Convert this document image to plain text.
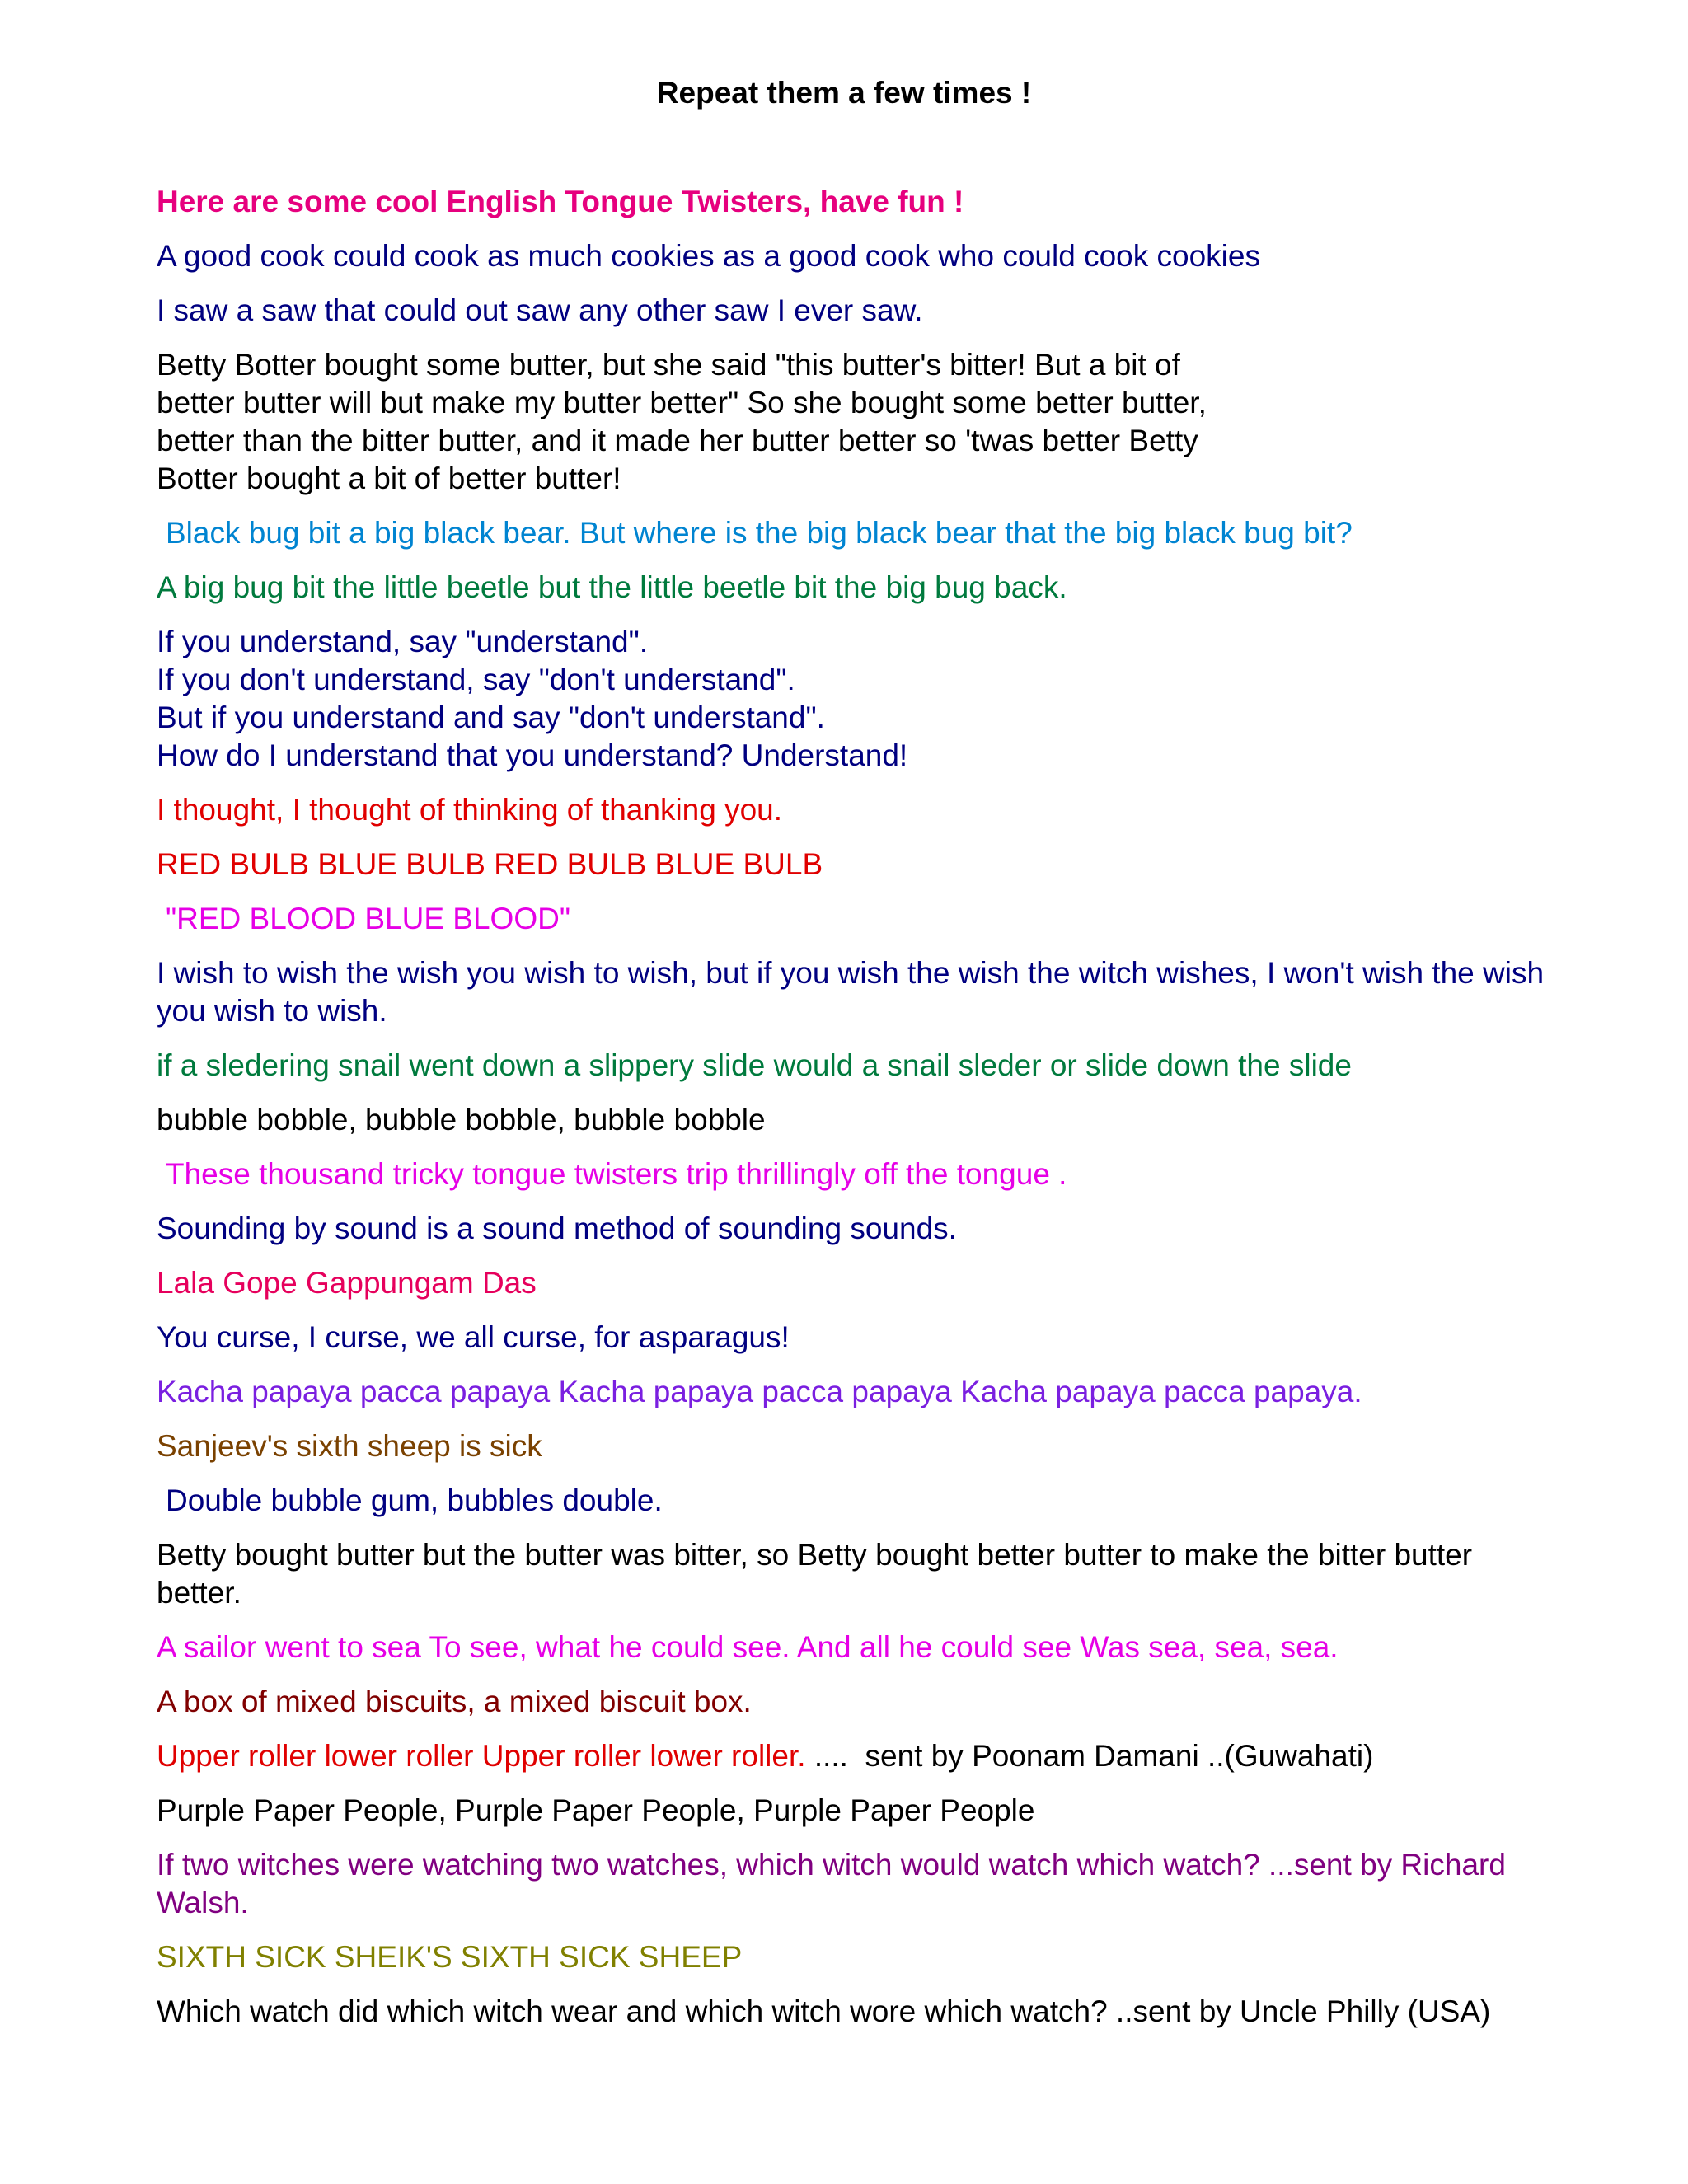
Repeat them a few times !

Here are some cool English Tongue Twisters, have fun !

A good cook could cook as much cookies as a good cook who could cook cookies

I saw a saw that could out saw any other saw I ever saw.

Betty Botter bought some butter, but she said "this butter's bitter! But a bit of better butter will but make my butter better" So she bought some better butter, better than the bitter butter, and it made her butter better so 'twas better Betty Botter bought a bit of better butter!

Black bug bit a big black bear. But where is the big black bear that the big black bug bit?

A big bug bit the little beetle but the little beetle bit the big bug back.

If you understand, say "understand".
If you don't understand, say "don't understand".
But if you understand and say "don't understand".
How do I understand that you understand? Understand!

I thought, I thought of thinking of thanking you.

RED BULB BLUE BULB RED BULB BLUE BULB

"RED BLOOD BLUE BLOOD"

I wish to wish the wish you wish to wish, but if you wish the wish the witch wishes, I won't wish the wish you wish to wish.

if a sledering snail went down a slippery slide would a snail sleder or slide down the slide

bubble bobble, bubble bobble, bubble bobble

These thousand tricky tongue twisters trip thrillingly off the tongue .

Sounding by sound is a sound method of sounding sounds.

Lala Gope Gappungam Das

You curse, I curse, we all curse, for asparagus!

Kacha papaya pacca papaya Kacha papaya pacca papaya Kacha papaya pacca papaya.

Sanjeev's sixth sheep is sick

Double bubble gum, bubbles double.

Betty bought butter but the butter was bitter, so Betty bought better butter to make the bitter butter better.

A sailor went to sea To see, what he could see. And all he could see Was sea, sea, sea.

A box of mixed biscuits, a mixed biscuit box.

Upper roller lower roller Upper roller lower roller. ....  sent by Poonam Damani ..(Guwahati)

Purple Paper People, Purple Paper People, Purple Paper People

If two witches were watching two watches, which witch would watch which watch? ...sent by Richard Walsh.

SIXTH SICK SHEIK'S SIXTH SICK SHEEP

Which watch did which witch wear and which witch wore which watch? ..sent by Uncle Philly (USA)
